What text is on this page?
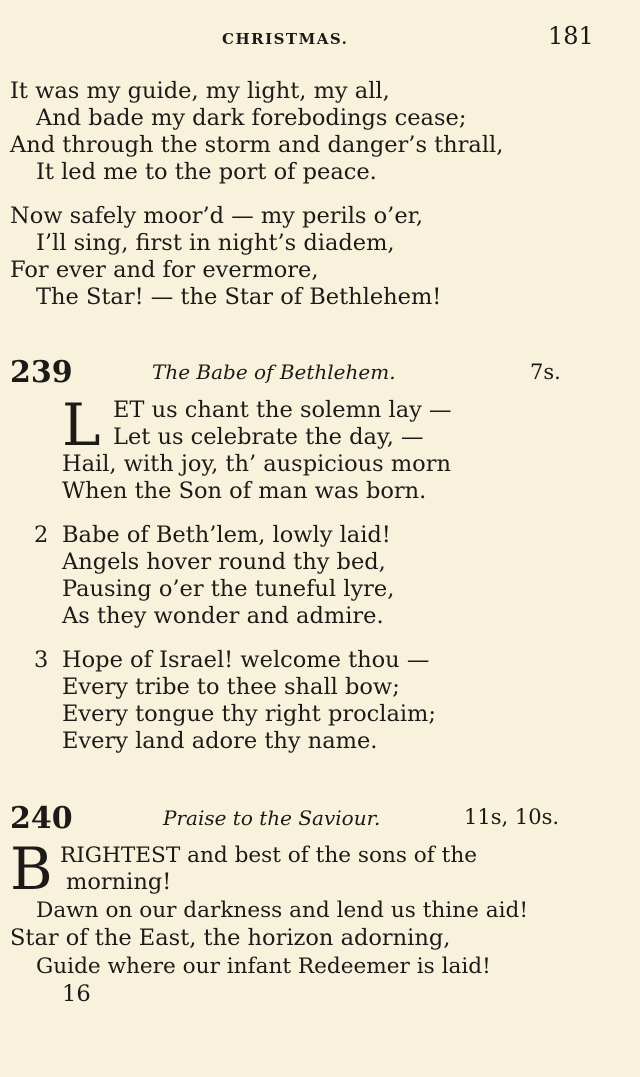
CHRISTMAS.	181
It was my guide, my light, my all,
And bade my dark forebodings cease;
And through the storm and danger’s thrall,
It led me to the port of peace.
Now safely moor’d — my perils o’er,
I’ll sing, first in night’s diadem,
For ever and for evermore,
The Star! — the Star of Bethlehem!
239	The Babe of Bethlehem.	7s.
L ET us chant the solemn lay —
Let us celebrate the day, —
Hail, with joy, th’ auspicious morn
When the Son of man was born.
2 Babe of Beth’lem, lowly laid!
Angels hover round thy bed,
Pausing o’er the tuneful lyre,
As they wonder and admire.
3 Hope of Israel! welcome thou —
Every tribe to thee shall bow;
Every tongue thy right proclaim;
Every land adore thy name.
240	Praise to the Saviour.	11s, 10s.
B RIGHTEST and best of the sons of the
morning!
Dawn on our darkness and lend us thine aid!
Star of the East, the horizon adorning,
Guide where our infant Redeemer is laid!
16
